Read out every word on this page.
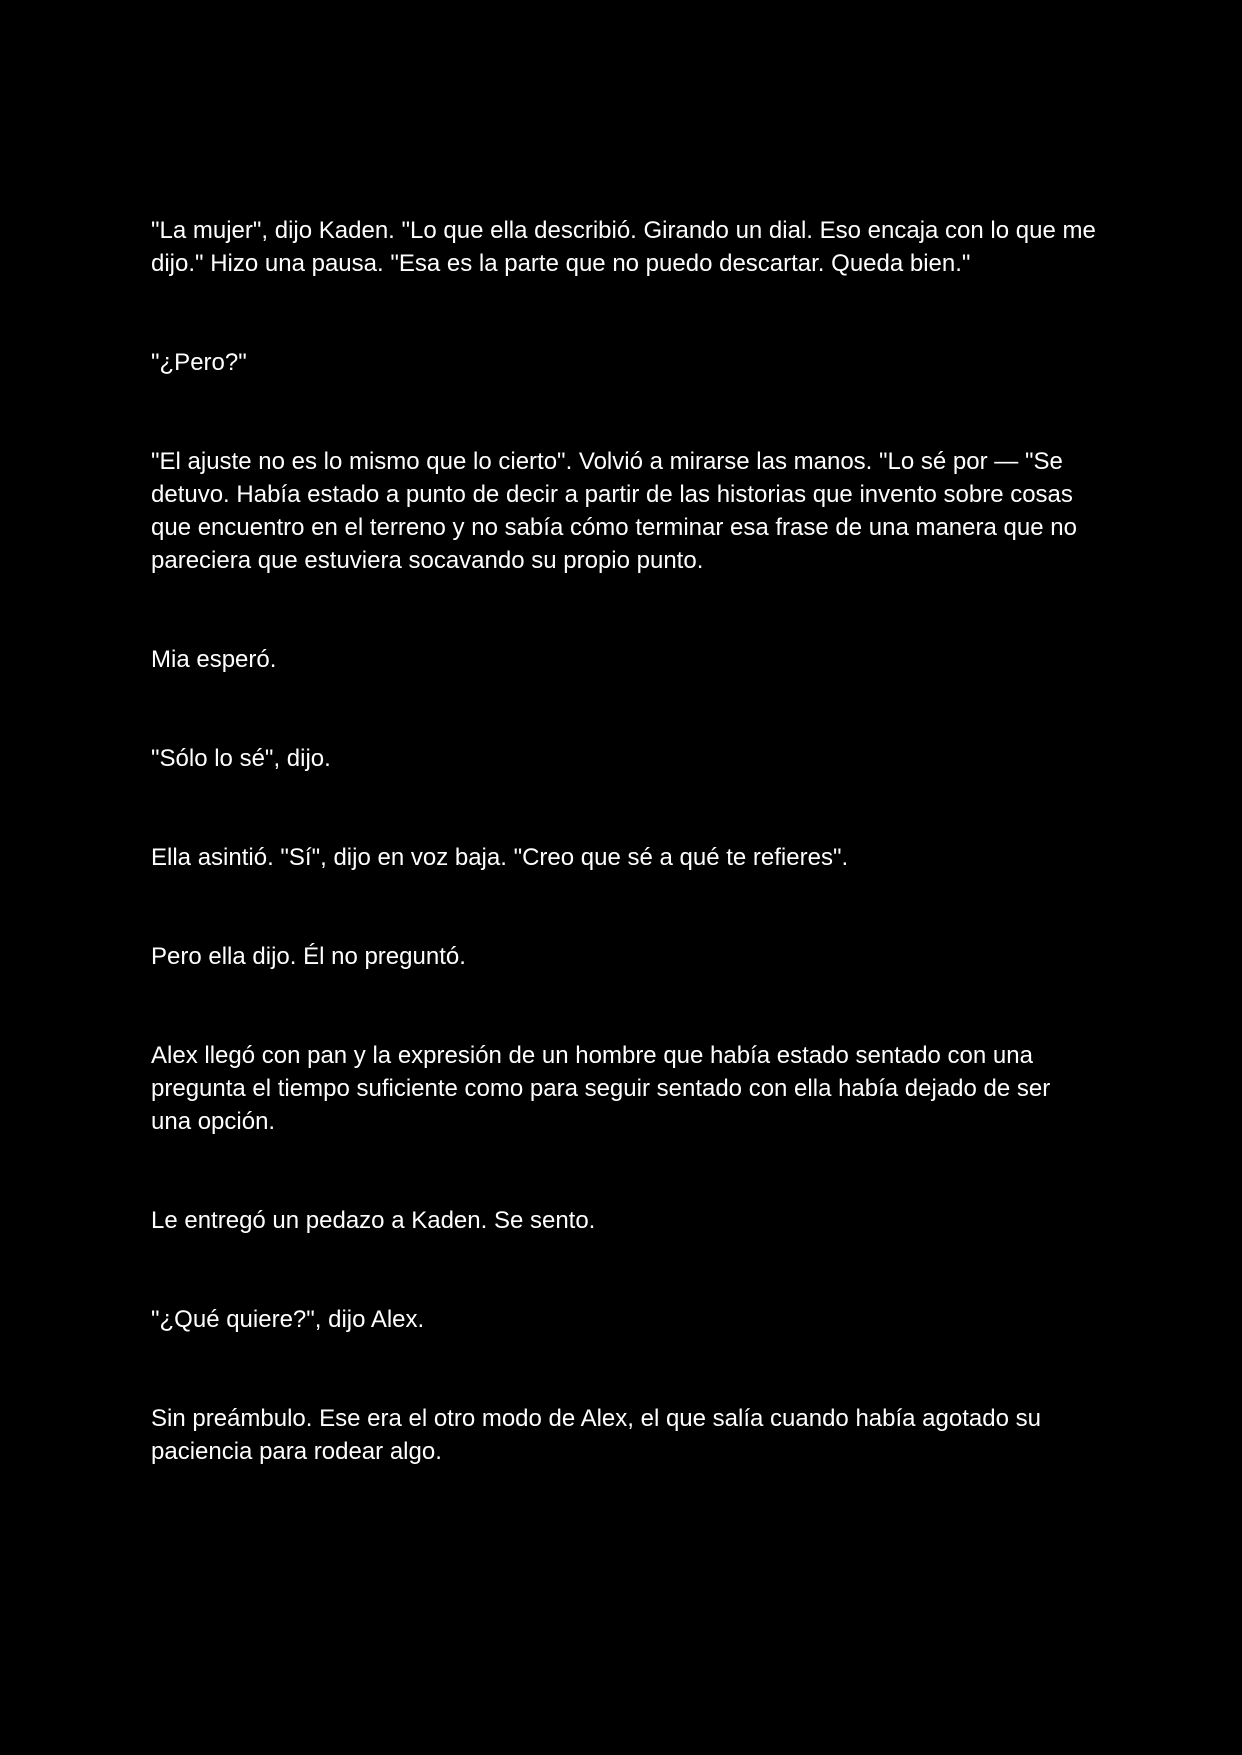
"La mujer", dijo Kaden. "Lo que ella describió. Girando un dial. Eso encaja con lo que me dijo." Hizo una pausa. "Esa es la parte que no puedo descartar. Queda bien."

"¿Pero?"

"El ajuste no es lo mismo que lo cierto". Volvió a mirarse las manos. "Lo sé por — "Se detuvo. Había estado a punto de decir a partir de las historias que invento sobre cosas que encuentro en el terreno y no sabía cómo terminar esa frase de una manera que no pareciera que estuviera socavando su propio punto.

Mia esperó.

"Sólo lo sé", dijo.

Ella asintió. "Sí", dijo en voz baja. "Creo que sé a qué te refieres".

Pero ella dijo. Él no preguntó.

Alex llegó con pan y la expresión de un hombre que había estado sentado con una pregunta el tiempo suficiente como para seguir sentado con ella había dejado de ser una opción.

Le entregó un pedazo a Kaden. Se sento.

"¿Qué quiere?", dijo Alex.

Sin preámbulo. Ese era el otro modo de Alex, el que salía cuando había agotado su paciencia para rodear algo.
